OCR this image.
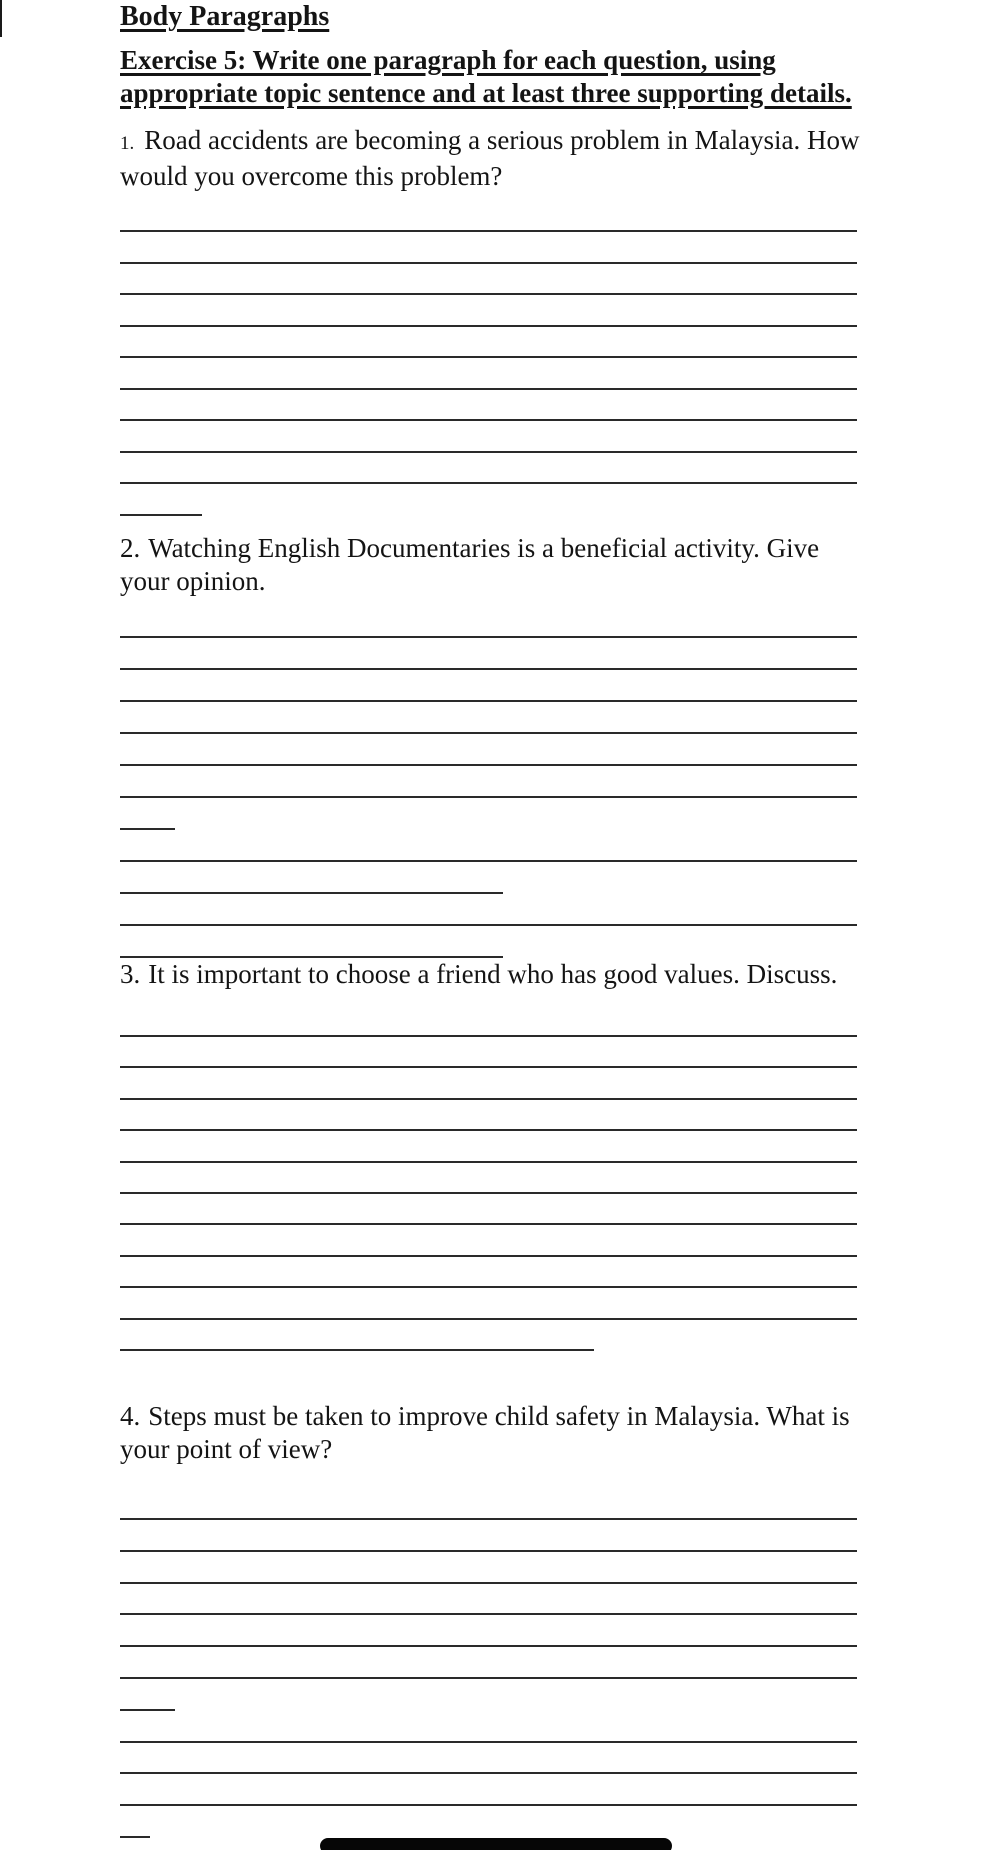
Body Paragraphs
Exercise 5: Write one paragraph for each question, using
appropriate topic sentence and at least three supporting details.
1. Road accidents are becoming a serious problem in Malaysia. How
would you overcome this problem?
2. Watching English Documentaries is a beneficial activity. Give
your opinion.
3. It is important to choose a friend who has good values. Discuss.
4. Steps must be taken to improve child safety in Malaysia. What is
your point of view?
